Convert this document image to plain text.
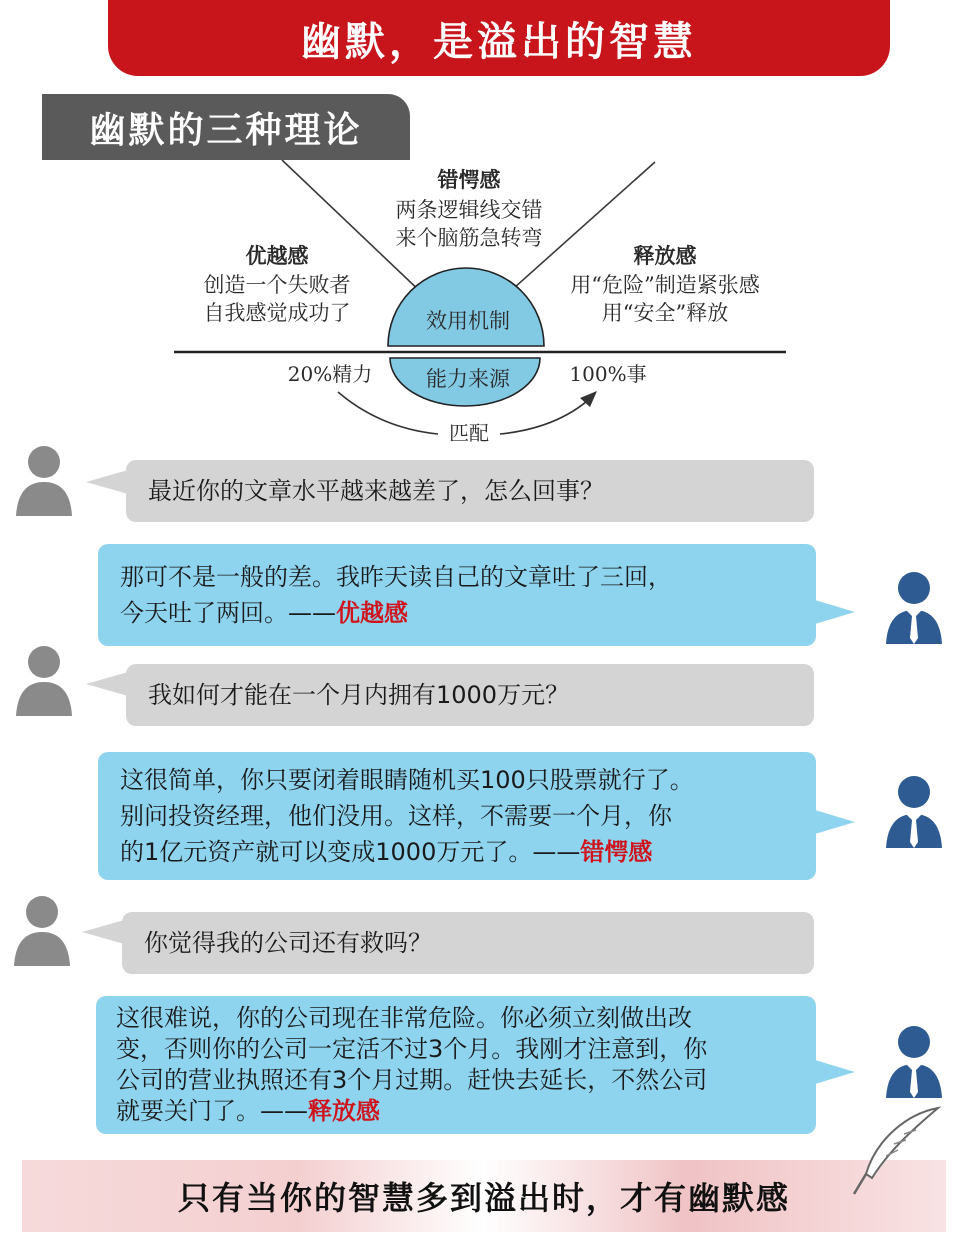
幽默，是溢出的智慧
幽默的三种理论
效用机制
能力来源
20%精力	100%事
匹配
错愕感
两条逻辑线交错
来个脑筋急转弯
优越感
创造一个失败者
自我感觉成功了
释放感
用“危险”制造紧张感
用“安全”释放

最近你的文章水平越来越差了，怎么回事？

那可不是一般的差。我昨天读自己的文章吐了三回，
今天吐了两回。——优越感

我如何才能在一个月内拥有1000万元？

这很简单，你只要闭着眼睛随机买100只股票就行了。
别问投资经理，他们没用。这样，不需要一个月，你
的1亿元资产就可以变成1000万元了。——错愕感

你觉得我的公司还有救吗？

这很难说，你的公司现在非常危险。你必须立刻做出改
变，否则你的公司一定活不过3个月。我刚才注意到，你
公司的营业执照还有3个月过期。赶快去延长，不然公司
就要关门了。——释放感

只有当你的智慧多到溢出时，才有幽默感
